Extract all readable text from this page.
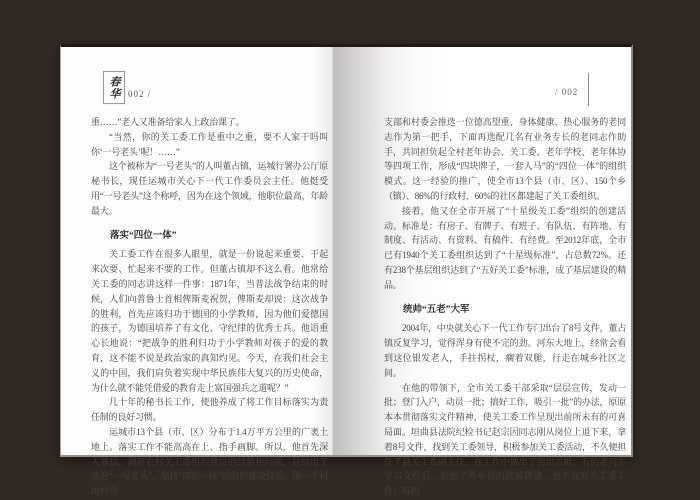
春华 002 /

重……”老人又准备给家人上政治课了。

“当然，你的关工委工作是重中之重，要不人家干吗叫你‘一号老头’呢！……”

这个被称为“一号老头”的人叫董占镇，运城行署办公厅原秘书长，现任运城市关心下一代工作委员会主任。他挺受用“一号老头”这个称呼，因为在这个领域，他职位最高，年龄最大。

落实“四位一体”

关工委工作在很多人眼里，就是一份说起来重要、干起来次要、忙起来不要的工作。但董占镇却不这么看。他常给关工委的同志讲这样一件事：1871年，当普法战争结束的时候，人们向普鲁士首相俾斯麦祝贺，俾斯麦却说：这次战争的胜利，首先应该归功于德国的小学教师，因为他们爱德国的孩子，为德国培养了有文化、守纪律的优秀士兵。他语重心长地说：“把战争的胜利归功于小学教师对孩子的爱的教育，这不能不说是政治家的真知灼见。今天，在我们社会主义的中国，我们肩负着实现中华民族伟大复兴的历史使命，为什么就不能凭借爱的教育走上富国强兵之道呢？”

几十年的秘书长工作，使他养成了将工作目标落实为责任制的良好习惯。

运城市13个县（市、区）分布于1.4万平方公里的广袤土地上。落实工作不能高高在上、指手画脚。所以，他首先深入基层，调研农村关工委组织建设的经验和问题，总结出了选准“一号老头”，坚持“四位一体”的组织建设经验。即一个村由村党

/ 002

支部和村委会推选一位德高望重、身体健康、热心服务的老同志作为第一把手，下面再选配几名有业务专长的老同志作助手，共同担负起全村老年协会、关工委、老年学校、老年体协等四项工作，形成“四块牌子，一套人马”的“四位一体”的组织模式。这一经验的推广，使全市13个县（市、区）、150个乡（镇）、86%的行政村、60%的社区都建起了关工委组织。

接着，他又在全市开展了“十星级关工委”组织的创建活动。标准是：有房子、有牌子、有班子、有队伍、有阵地、有制度、有活动、有资料、有稿件、有经费。至2012年底，全市已有1940个关工委组织达到了“十星级标准”，占总数72%。还有238个基层组织达到了“五好关工委”标准，成了基层建设的精品。

统帅“五老”大军

2004年，中央就关心下一代工作专门出台了8号文件，董占镇反复学习，觉得浑身有使不完的劲。河东大地上，经常会看到这位银发老人，手拄拐杖，瘸着双腿，行走在城乡社区之间。

在他的带领下，全市关工委干部采取“层层宣传，发动一批；登门入户，动员一批；搞好工作，吸引一批”的办法，原原本本贯彻落实文件精神，使关工委工作呈现出前所未有的可喜局面。垣曲县法院纪检书记赵宗因同志刚从岗位上退下来，拿着8号文件，找到关工委领导，积极参加关工委活动，不久便担任了县关工委副主任，在工作中做出了突出贡献；有的老同志学习文件后，拒绝了外单位的高薪聘请，也不放弃关工委工作；有的
